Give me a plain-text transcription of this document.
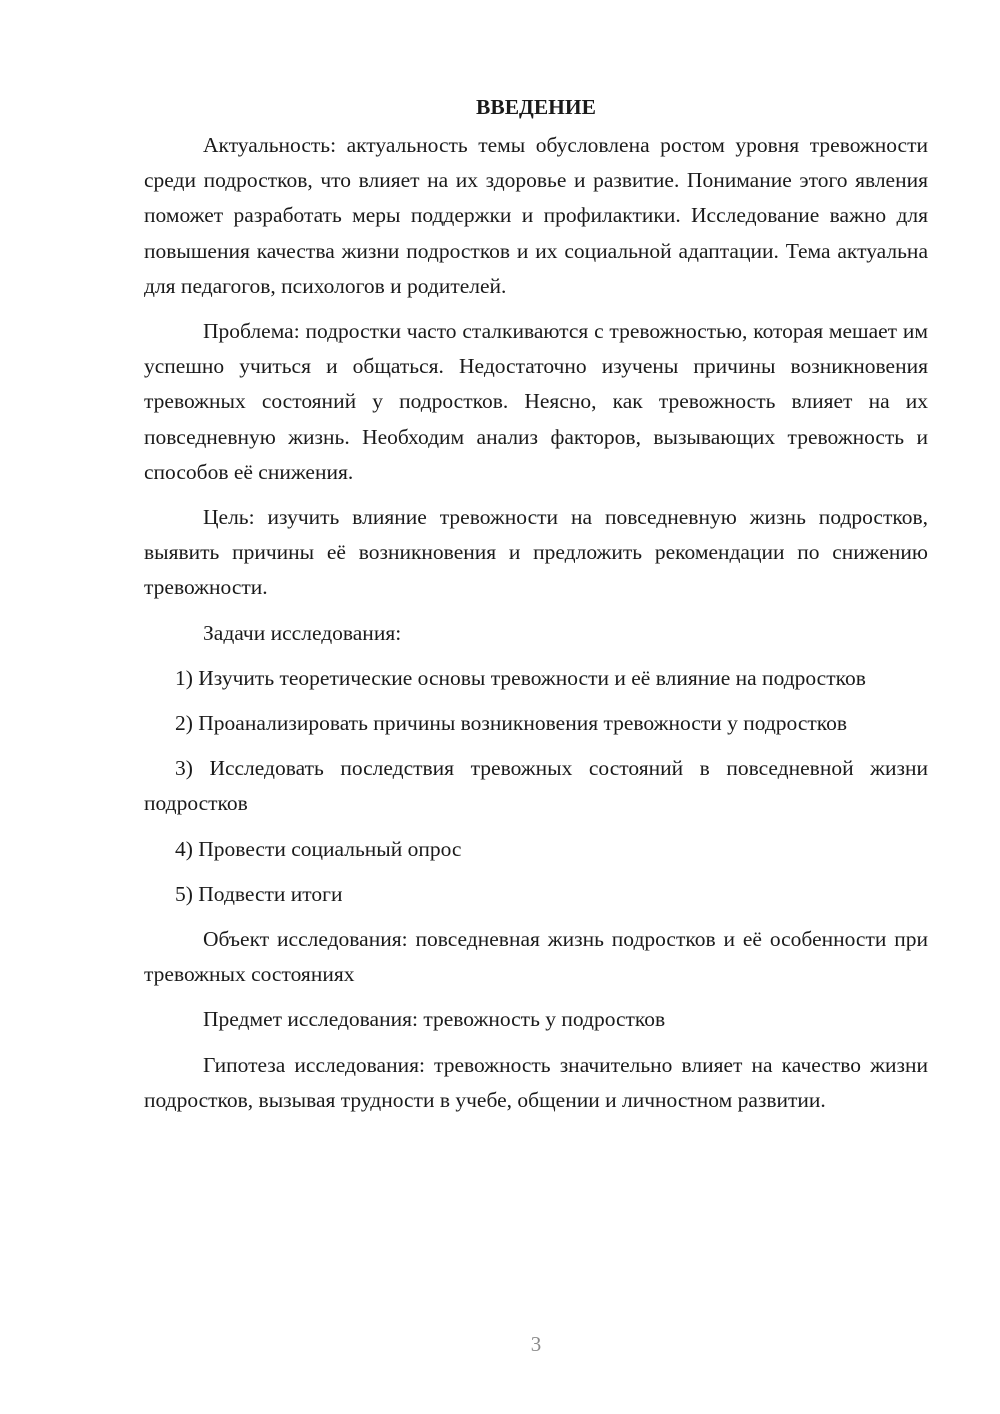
ВВЕДЕНИЕ

Актуальность: актуальность темы обусловлена ростом уровня тревожности среди подростков, что влияет на их здоровье и развитие. Понимание этого явления поможет разработать меры поддержки и профилактики. Исследование важно для повышения качества жизни подростков и их социальной адаптации. Тема актуальна для педагогов, психологов и родителей.

Проблема: подростки часто сталкиваются с тревожностью, которая мешает им успешно учиться и общаться. Недостаточно изучены причины возникновения тревожных состояний у подростков. Неясно, как тревожность влияет на их повседневную жизнь. Необходим анализ факторов, вызывающих тревожность и способов её снижения.

Цель: изучить влияние тревожности на повседневную жизнь подростков, выявить причины её возникновения и предложить рекомендации по снижению тревожности.

Задачи исследования:

1) Изучить теоретические основы тревожности и её влияние на подростков

2) Проанализировать причины возникновения тревожности у подростков

3) Исследовать последствия тревожных состояний в повседневной жизни подростков

4) Провести социальный опрос

5) Подвести итоги

Объект исследования: повседневная жизнь подростков и её особенности при тревожных состояниях

Предмет исследования: тревожность у подростков

Гипотеза исследования: тревожность значительно влияет на качество жизни подростков, вызывая трудности в учебе, общении и личностном развитии.

3
